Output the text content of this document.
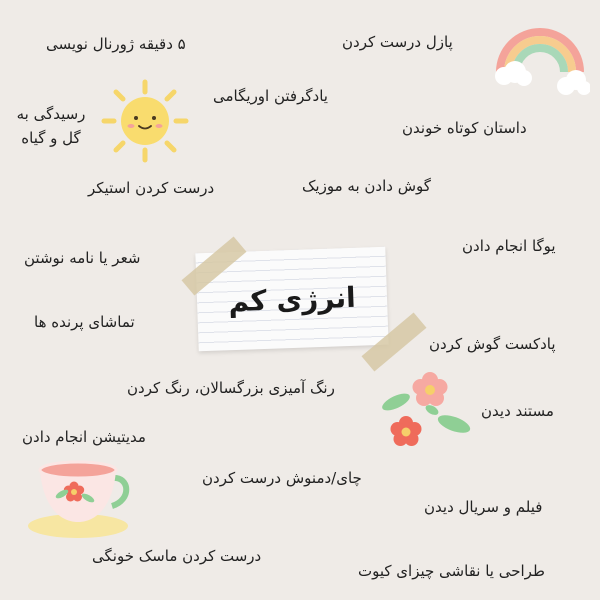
انرژی کم
۵ دقیقه ژورنال نویسی	پازل درست کردن
یادگرفتن اوریگامی
رسیدگی به
گل و گیاه
داستان کوتاه خوندن
درست کردن استیکر	گوش دادن به موزیک
یوگا انجام دادن
شعر یا نامه نوشتن
تماشای پرنده ها
پادکست گوش کردن
رنگ آمیزی بزرگسالان، رنگ کردن
مستند دیدن
مدیتیشن انجام دادن
چای/دمنوش درست کردن
فیلم و سریال دیدن
درست کردن ماسک خونگی
طراحی یا نقاشی چیزای کیوت
